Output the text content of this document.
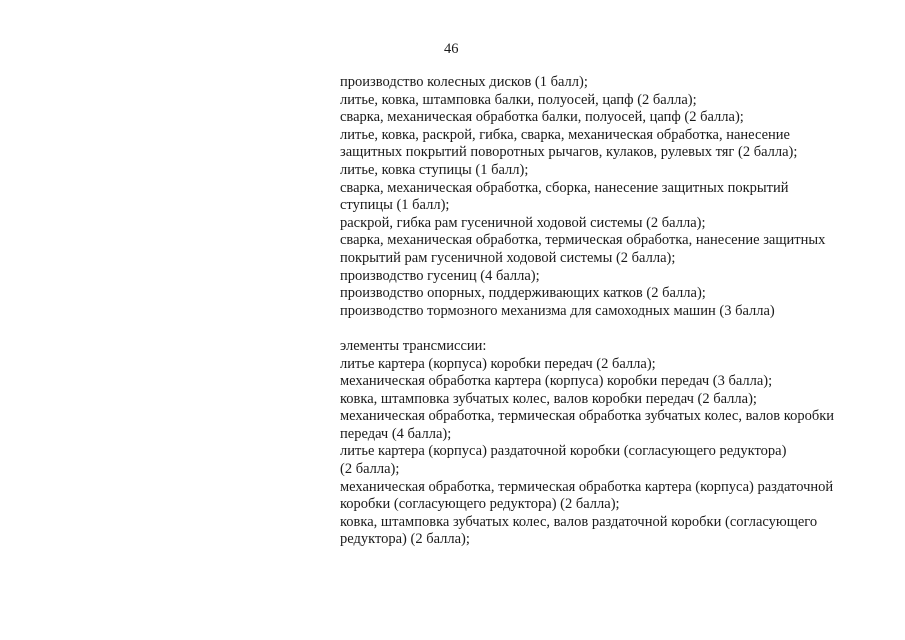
46
производство колесных дисков (1 балл);
литье, ковка, штамповка балки, полуосей, цапф (2 балла);
сварка, механическая обработка балки, полуосей, цапф (2 балла);
литье, ковка, раскрой, гибка, сварка, механическая обработка, нанесение
защитных покрытий поворотных рычагов, кулаков, рулевых тяг (2 балла);
литье, ковка ступицы (1 балл);
сварка, механическая обработка, сборка, нанесение защитных покрытий
ступицы (1 балл);
раскрой, гибка рам гусеничной ходовой системы (2 балла);
сварка, механическая обработка, термическая обработка, нанесение защитных
покрытий рам гусеничной ходовой системы (2 балла);
производство гусениц (4 балла);
производство опорных, поддерживающих катков (2 балла);
производство тормозного механизма для самоходных машин (3 балла)
элементы трансмиссии:
литье картера (корпуса) коробки передач (2 балла);
механическая обработка картера (корпуса) коробки передач (3 балла);
ковка, штамповка зубчатых колес, валов коробки передач (2 балла);
механическая обработка, термическая обработка зубчатых колес, валов коробки
передач (4 балла);
литье картера (корпуса) раздаточной коробки (согласующего редуктора)
(2 балла);
механическая обработка, термическая обработка картера (корпуса) раздаточной
коробки (согласующего редуктора) (2 балла);
ковка, штамповка зубчатых колес, валов раздаточной коробки (согласующего
редуктора) (2 балла);
